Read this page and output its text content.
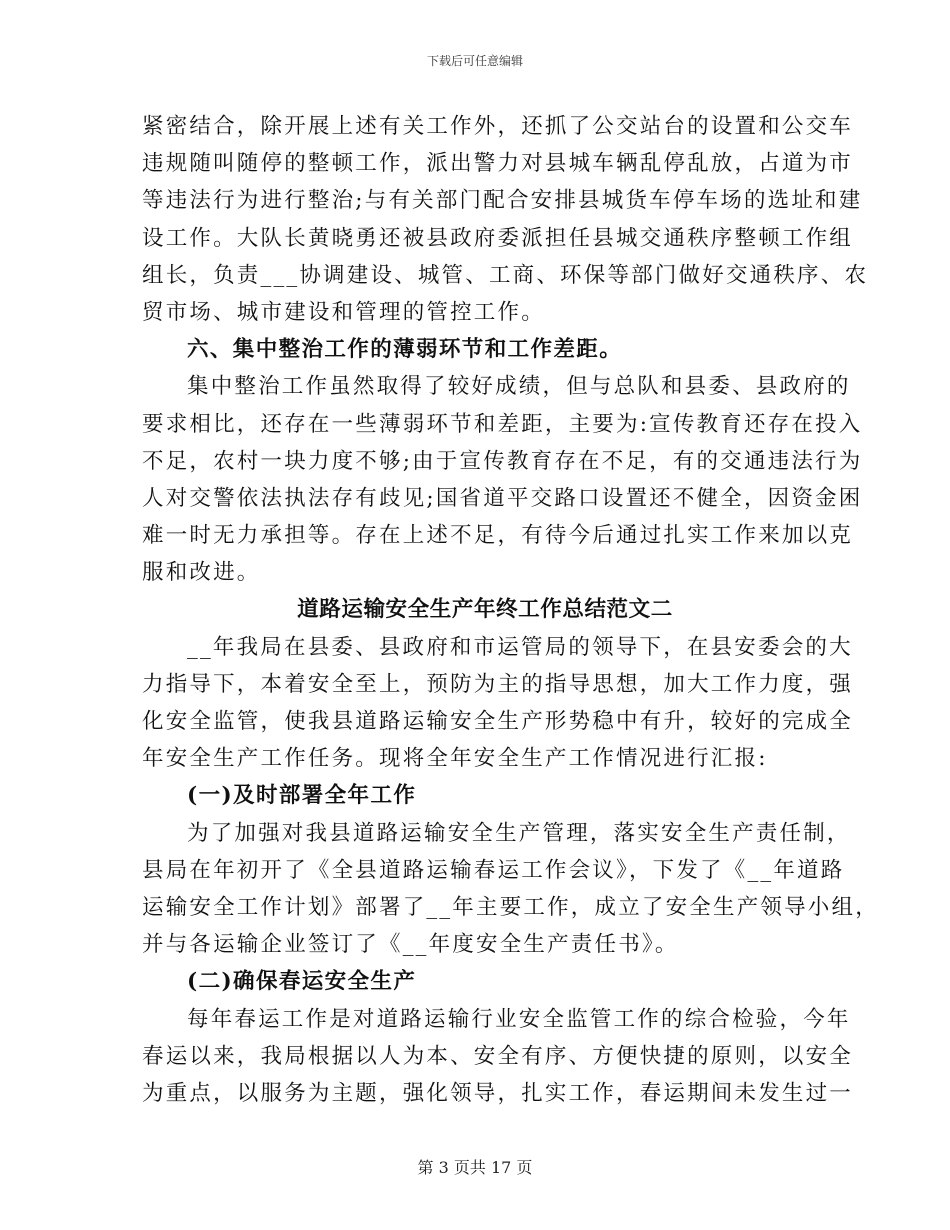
下载后可任意编辑
紧密结合，除开展上述有关工作外，还抓了公交站台的设置和公交车
违规随叫随停的整顿工作，派出警力对县城车辆乱停乱放，占道为市
等违法行为进行整治;与有关部门配合安排县城货车停车场的选址和建
设工作。大队长黄晓勇还被县政府委派担任县城交通秩序整顿工作组
组长，负责___协调建设、城管、工商、环保等部门做好交通秩序、农
贸市场、城市建设和管理的管控工作。
六、集中整治工作的薄弱环节和工作差距。
集中整治工作虽然取得了较好成绩，但与总队和县委、县政府的
要求相比，还存在一些薄弱环节和差距，主要为:宣传教育还存在投入
不足，农村一块力度不够;由于宣传教育存在不足，有的交通违法行为
人对交警依法执法存有歧见;国省道平交路口设置还不健全，因资金困
难一时无力承担等。存在上述不足，有待今后通过扎实工作来加以克
服和改进。
道路运输安全生产年终工作总结范文二
__年我局在县委、县政府和市运管局的领导下，在县安委会的大
力指导下，本着安全至上，预防为主的指导思想，加大工作力度，强
化安全监管，使我县道路运输安全生产形势稳中有升，较好的完成全
年安全生产工作任务。现将全年安全生产工作情况进行汇报:
(一)及时部署全年工作
为了加强对我县道路运输安全生产管理，落实安全生产责任制，
县局在年初开了《全县道路运输春运工作会议》，下发了《__年道路
运输安全工作计划》部署了__年主要工作，成立了安全生产领导小组，
并与各运输企业签订了《__年度安全生产责任书》。
(二)确保春运安全生产
每年春运工作是对道路运输行业安全监管工作的综合检验，今年
春运以来，我局根据以人为本、安全有序、方便快捷的原则，以安全
为重点，以服务为主题，强化领导，扎实工作，春运期间未发生过一
第 3 页共 17 页
